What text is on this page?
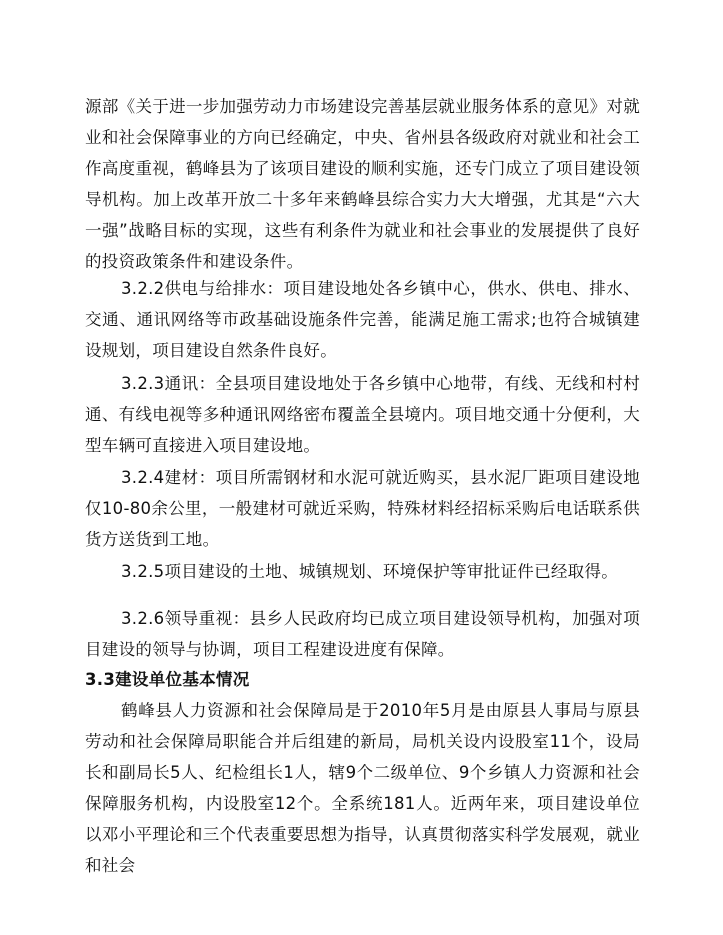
源部《关于进一步加强劳动力市场建设完善基层就业服务体系的意见》对就业和社会保障事业的方向已经确定，中央、省州县各级政府对就业和社会工作高度重视，鹤峰县为了该项目建设的顺利实施，还专门成立了项目建设领导机构。加上改革开放二十多年来鹤峰县综合实力大大增强，尤其是“六大一强”战略目标的实现，这些有利条件为就业和社会事业的发展提供了良好的投资政策条件和建设条件。

3.2.2供电与给排水：项目建设地处各乡镇中心，供水、供电、排水、交通、通讯网络等市政基础设施条件完善，能满足施工需求;也符合城镇建设规划，项目建设自然条件良好。

3.2.3通讯：全县项目建设地处于各乡镇中心地带，有线、无线和村村通、有线电视等多种通讯网络密布覆盖全县境内。项目地交通十分便利，大型车辆可直接进入项目建设地。

3.2.4建材：项目所需钢材和水泥可就近购买，县水泥厂距项目建设地仅10-80余公里，一般建材可就近采购，特殊材料经招标采购后电话联系供货方送货到工地。

3.2.5项目建设的土地、城镇规划、环境保护等审批证件已经取得。

3.2.6领导重视：县乡人民政府均已成立项目建设领导机构，加强对项目建设的领导与协调，项目工程建设进度有保障。

3.3建设单位基本情况

鹤峰县人力资源和社会保障局是于2010年5月是由原县人事局与原县劳动和社会保障局职能合并后组建的新局，局机关设内设股室11个，设局长和副局长5人、纪检组长1人，辖9个二级单位、9个乡镇人力资源和社会保障服务机构，内设股室12个。全系统181人。近两年来，项目建设单位以邓小平理论和三个代表重要思想为指导，认真贯彻落实科学发展观，就业和社会
